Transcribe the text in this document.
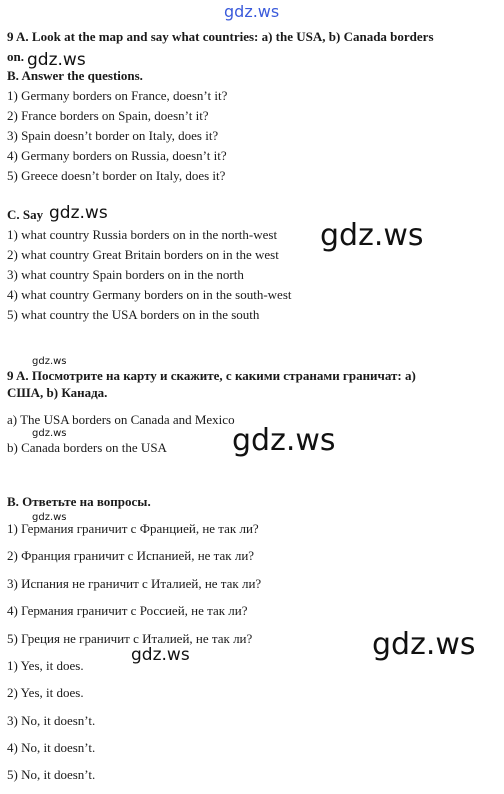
gdz.ws
gdz.ws
gdz.ws
gdz.ws
gdz.ws
gdz.ws	gdz.ws
gdz.ws
gdz.ws
gdz.ws
9 A. Look at the map and say what countries: a) the USA, b) Canada borders
on.
B. Answer the questions.
1) Germany borders on France, doesn’t it?
2) France borders on Spain, doesn’t it?
3) Spain doesn’t border on Italy, does it?
4) Germany borders on Russia, doesn’t it?
5) Greece doesn’t border on Italy, does it?
C. Say
1) what country Russia borders on in the north-west
2) what country Great Britain borders on in the west
3) what country Spain borders on in the north
4) what country Germany borders on in the south-west
5) what country the USA borders on in the south
9 A. Посмотрите на карту и скажите, с какими странами граничат: a)
США, b) Канада.
a) The USA borders on Canada and Mexico
b) Canada borders on the USA
B. Ответьте на вопросы.
1) Германия граничит с Францией, не так ли?
2) Франция граничит с Испанией, не так ли?
3) Испания не граничит с Италией, не так ли?
4) Германия граничит с Россией, не так ли?
5) Греция не граничит с Италией, не так ли?
1) Yes, it does.
2) Yes, it does.
3) No, it doesn’t.
4) No, it doesn’t.
5) No, it doesn’t.
